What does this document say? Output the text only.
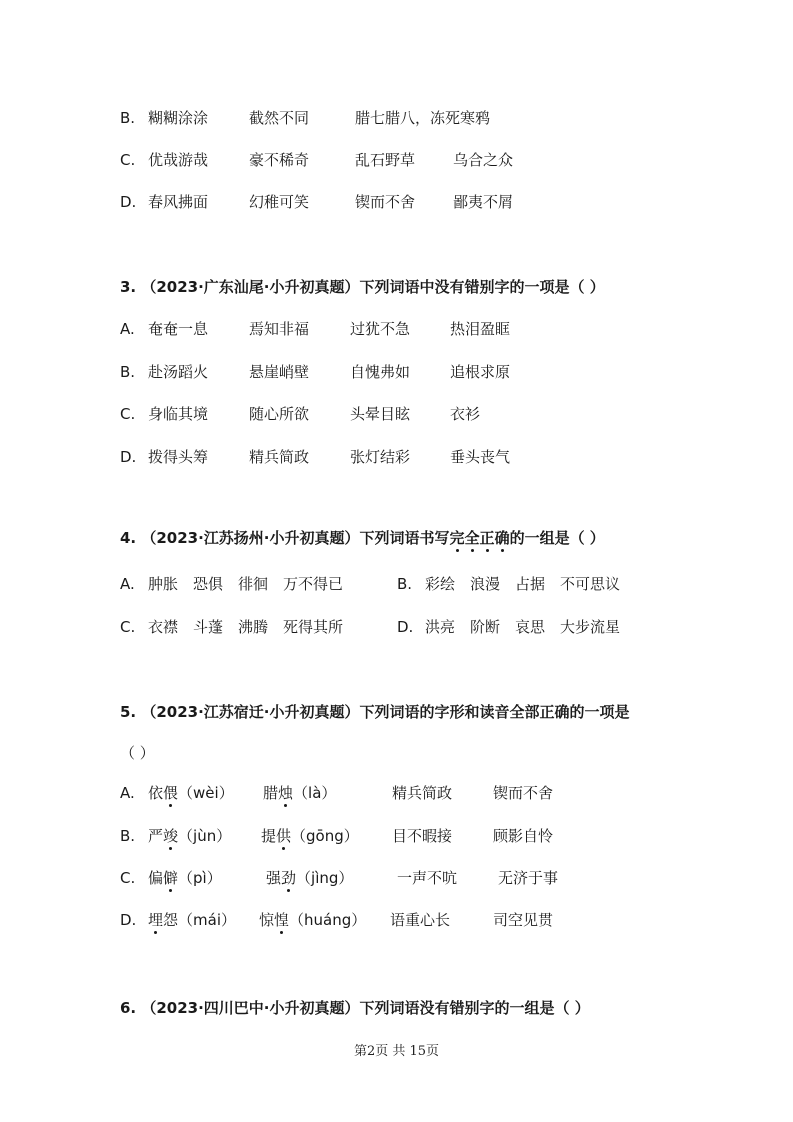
B. 糊糊涂涂	截然不同	腊七腊八，冻死寒鸦
C. 优哉游哉	豪不稀奇	乱石野草	乌合之众
D. 春风拂面	幻稚可笑	锲而不舍	鄙夷不屑
3. （2023·广东汕尾·小升初真题）下列词语中没有错别字的一项是（ ）
A. 奄奄一息	焉知非福	过犹不急	热泪盈眶
B. 赴汤蹈火	悬崖峭壁	自愧弗如	追根求原
C. 身临其境	随心所欲	头晕目眩	衣衫
D. 拨得头筹	精兵简政	张灯结彩	垂头丧气
4. （2023·江苏扬州·小升初真题）下列词语书写完全正确的一组是（ ）
A. 肿胀　恐俱　徘徊　万不得已	B. 彩绘　浪漫　占据　不可思议
C. 衣襟　斗蓬　沸腾　死得其所	D. 洪亮　阶断　哀思　大步流星
5. （2023·江苏宿迁·小升初真题）下列词语的字形和读音全部正确的一项是
（ ）
A. 依偎（wèi） 腊烛（là）	精兵简政	锲而不舍
B. 严竣（jùn） 提供（gōng） 目不暇接	顾影自怜
C. 偏僻（pì）	强劲（jìng）	一声不吭	无济于事
D. 埋怨（mái） 惊惶（huáng） 语重心长	司空见贯
6. （2023·四川巴中·小升初真题）下列词语没有错别字的一组是（ ）
第2页 共 15页
